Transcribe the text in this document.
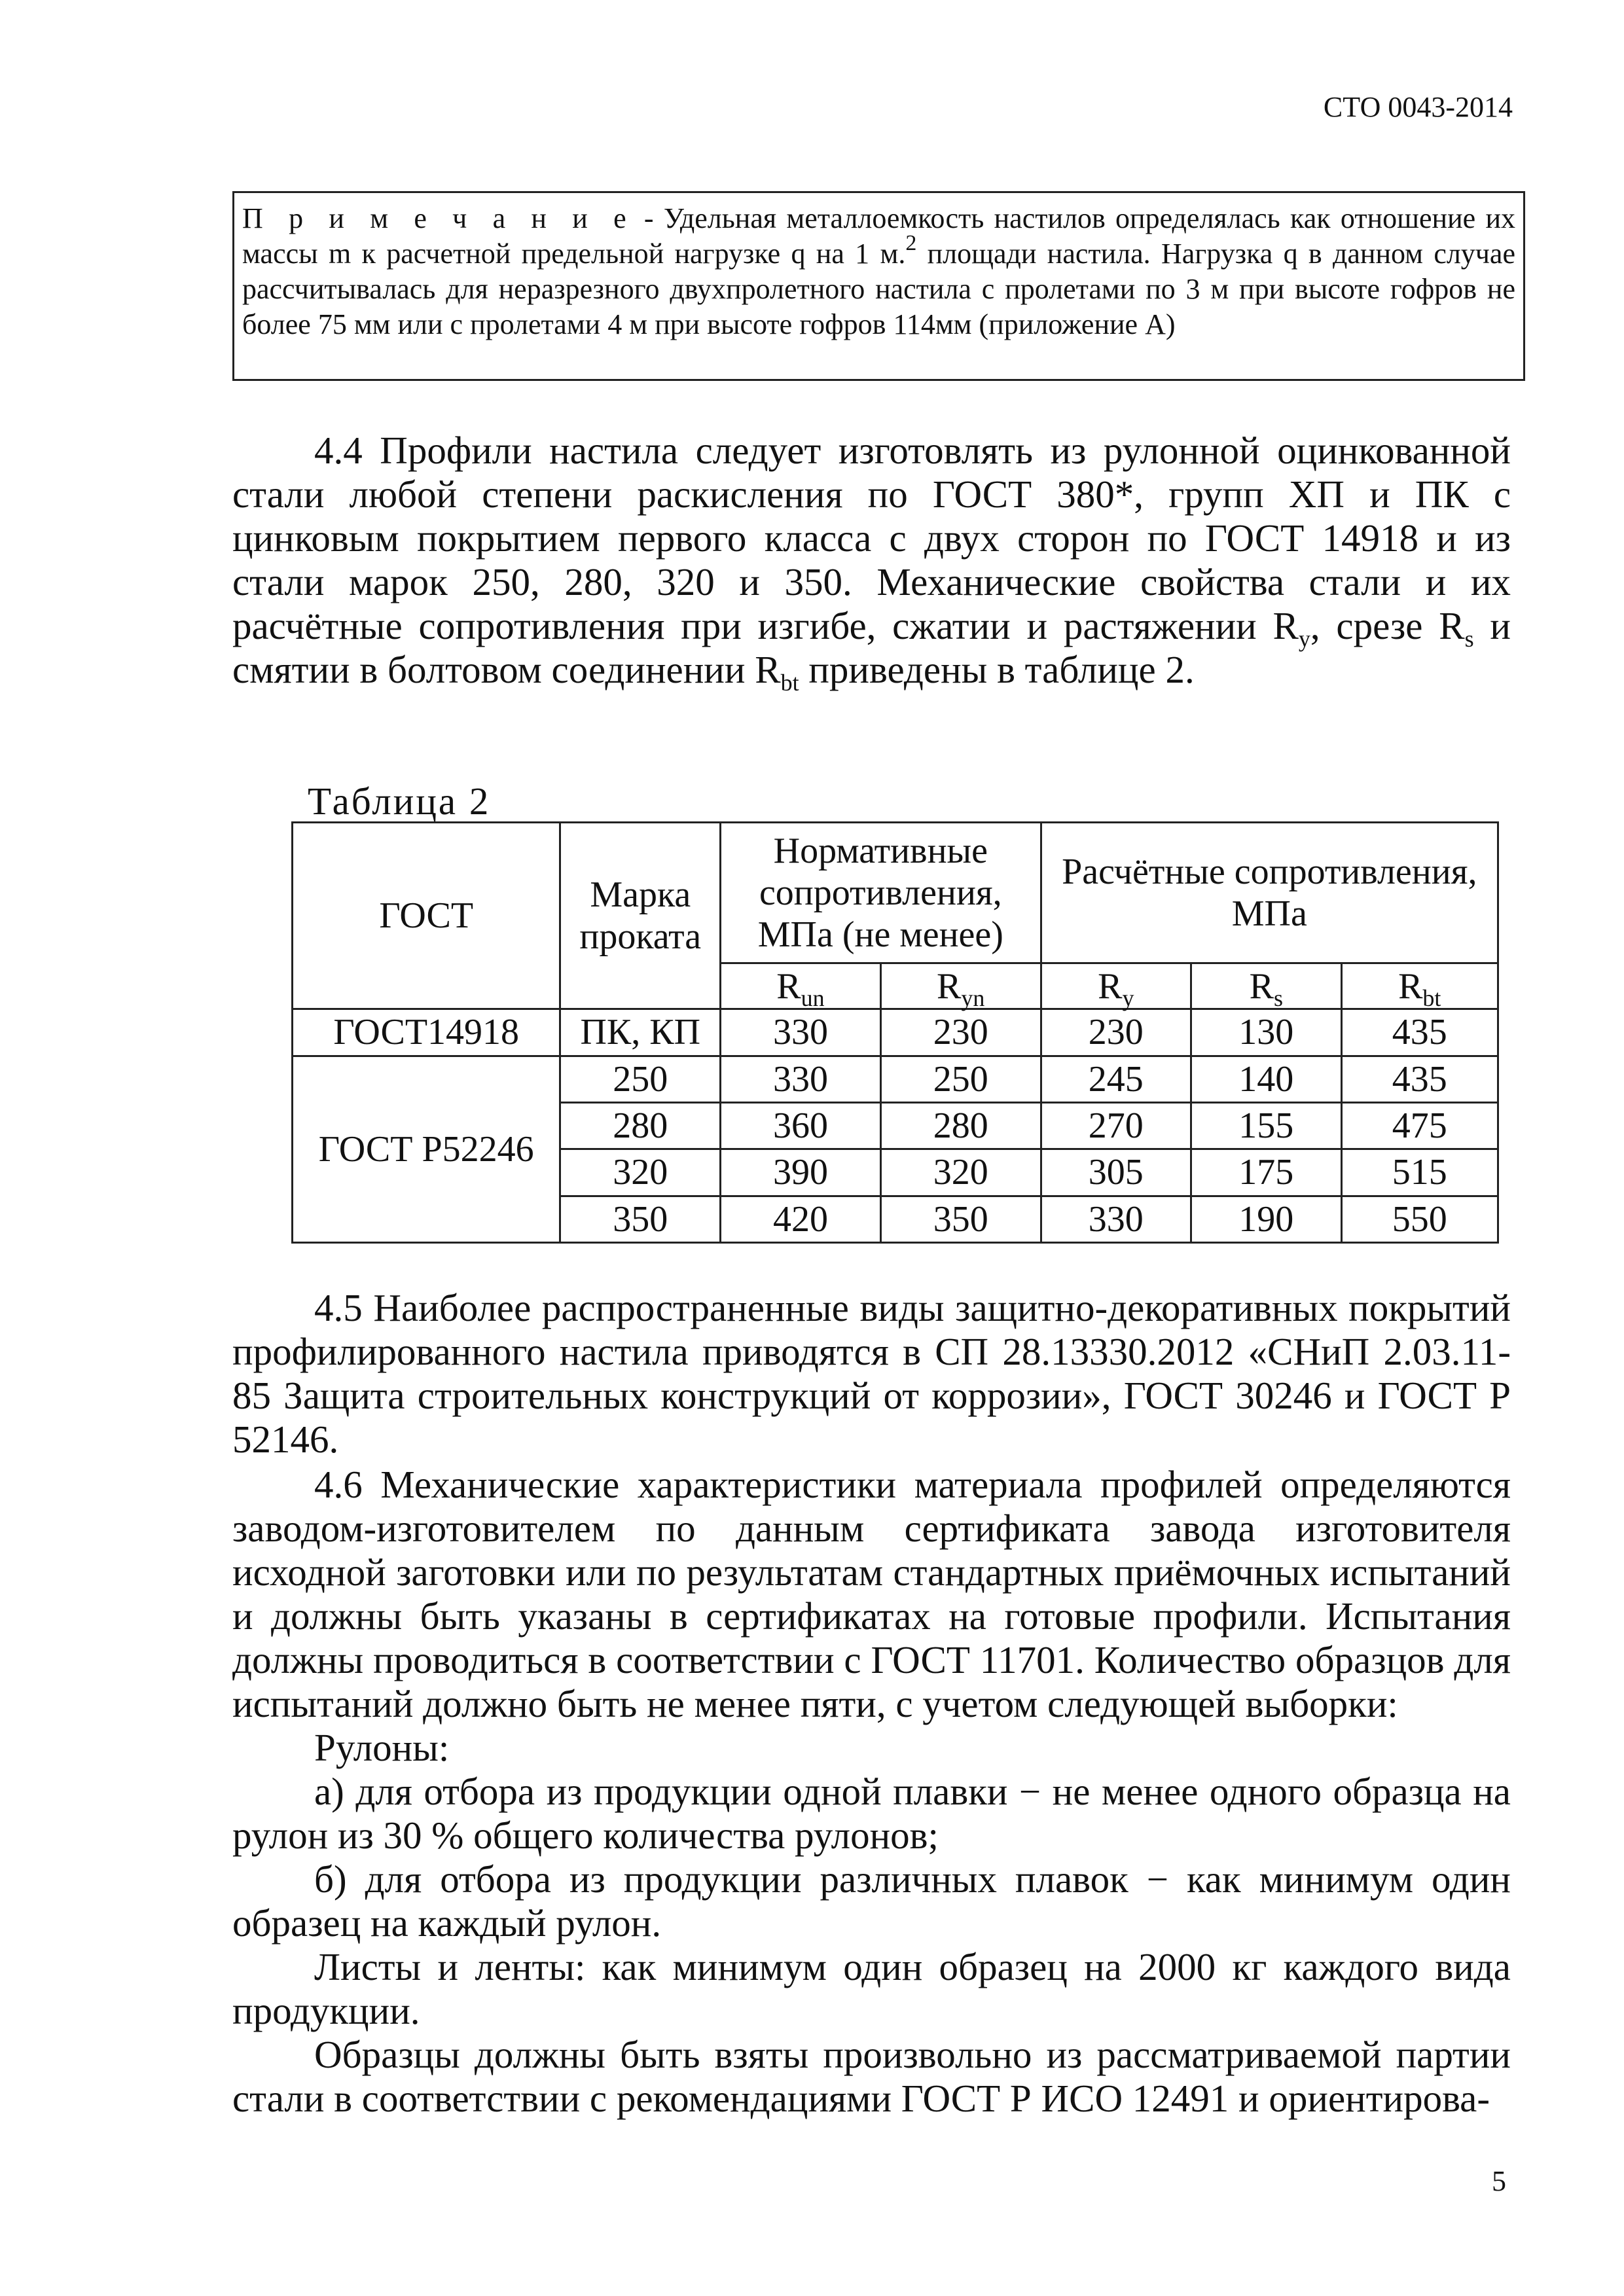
СТО 0043-2014
П р и м е ч а н и е - Удельная металлоемкость настилов определялась как отношение их массы m к расчетной предельной нагрузке q на 1 м.$^2$ площади настила. Нагрузка q в данном случае рассчитывалась для неразрезного двухпролетного настила с пролетами по 3 м при высоте гофров не более 75 мм или с пролетами 4 м при высоте гофров 114мм (приложение А)

4.4 Профили настила следует изготовлять из рулонной оцинкованной стали любой степени раскисления по ГОСТ 380*, групп ХП и ПК с цинковым покрытием первого класса с двух сторон по ГОСТ 14918 и из стали марок 250, 280, 320 и 350. Механические свойства стали и их расчётные сопротивления при изгибе, сжатии и растяжении $R_y$, срезе $R_s$ и смятии в болтовом соединении $R_{bt}$ приведены в таблице 2.

Таблица 2
ГОСТ	Марка проката	Нормативные сопротивления, МПа (не менее)		Расчётные сопротивления, МПа		
		$R_{un}$	$R_{yn}$	$R_y$	$R_s$	$R_{bt}$
ГОСТ14918	ПК, КП	330	230	230	130	435
ГОСТ Р52246	250	330	250	245	140	435
	280	360	280	270	155	475
	320	390	320	305	175	515
	350	420	350	330	190	550

4.5 Наиболее распространенные виды защитно-декоративных покрытий профилированного настила приводятся в СП 28.13330.2012 «СНиП 2.03.11-85 Защита строительных конструкций от коррозии», ГОСТ 30246 и ГОСТ Р 52146.

4.6 Механические характеристики материала профилей определяются заводом-изготовителем по данным сертификата завода изготовителя исходной заготовки или по результатам стандартных приёмочных испытаний и должны быть указаны в сертификатах на готовые профили. Испытания должны проводиться в соответствии с ГОСТ 11701. Количество образцов для испытаний должно быть не менее пяти, с учетом следующей выборки:

Рулоны:

а) для отбора из продукции одной плавки − не менее одного образца на рулон из 30 % общего количества рулонов;

б) для отбора из продукции различных плавок − как минимум один образец на каждый рулон.

Листы и ленты: как минимум один образец на 2000 кг каждого вида продукции.

Образцы должны быть взяты произвольно из рассматриваемой партии стали в соответствии с рекомендациями ГОСТ Р ИСО 12491 и ориентирова-

5
